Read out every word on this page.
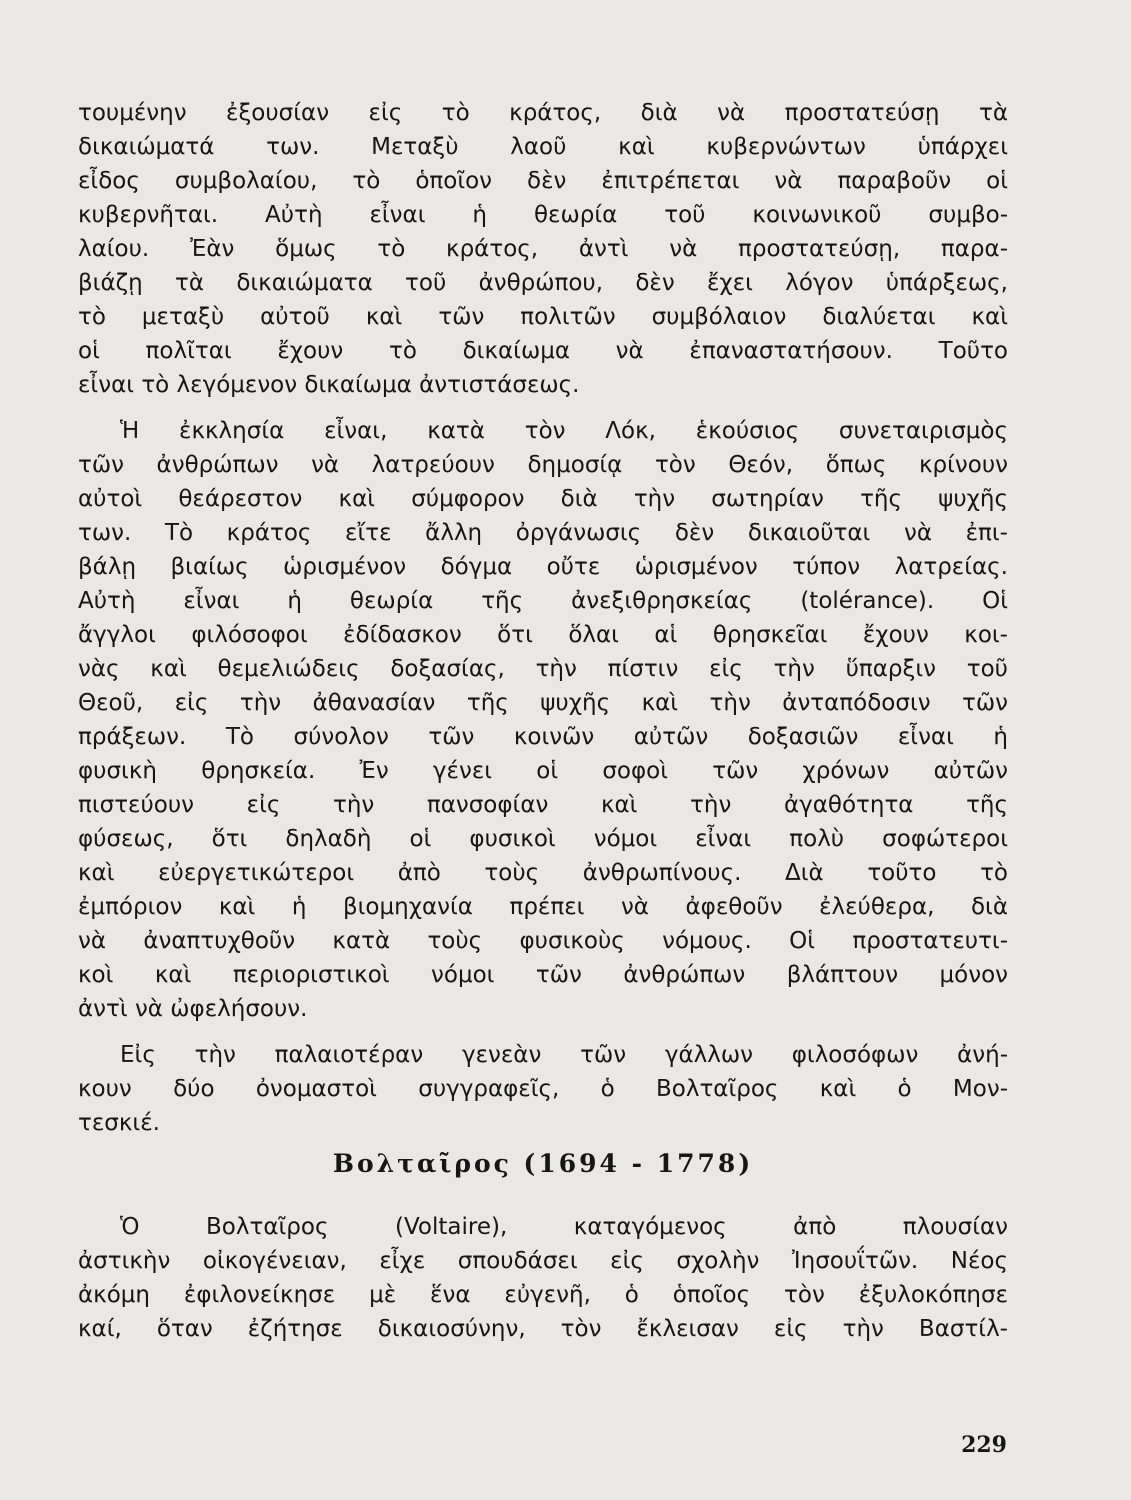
τουμένην ἐξουσίαν εἰς τὸ κράτος, διὰ νὰ προστατεύσῃ τὰ
δικαιώματά των. Μεταξὺ λαοῦ καὶ κυβερνώντων ὑπάρχει
εἶδος συμβολαίου, τὸ ὁποῖον δὲν ἐπιτρέπεται νὰ παραβοῦν οἱ
κυβερνῆται. Αὐτὴ εἶναι ἡ θεωρία τοῦ κοινωνικοῦ συμβο-
λαίου. Ἐὰν ὅμως τὸ κράτος, ἀντὶ νὰ προστατεύσῃ, παρα-
βιάζῃ τὰ δικαιώματα τοῦ ἀνθρώπου, δὲν ἔχει λόγον ὑπάρξεως,
τὸ μεταξὺ αὐτοῦ καὶ τῶν πολιτῶν συμβόλαιον διαλύεται καὶ
οἱ πολῖται ἔχουν τὸ δικαίωμα νὰ ἐπαναστατήσουν. Τοῦτο
εἶναι τὸ λεγόμενον δικαίωμα ἀντιστάσεως.
Ἡ ἐκκλησία εἶναι, κατὰ τὸν Λόκ, ἑκούσιος συνεταιρισμὸς
τῶν ἀνθρώπων νὰ λατρεύουν δημοσίᾳ τὸν Θεόν, ὅπως κρίνουν
αὐτοὶ θεάρεστον καὶ σύμφορον διὰ τὴν σωτηρίαν τῆς ψυχῆς
των. Τὸ κράτος εἴτε ἄλλη ὀργάνωσις δὲν δικαιοῦται νὰ ἐπι-
βάλῃ βιαίως ὡρισμένον δόγμα οὔτε ὡρισμένον τύπον λατρείας.
Αὐτὴ εἶναι ἡ θεωρία τῆς ἀνεξιθρησκείας (tolérance). Οἱ
ἄγγλοι φιλόσοφοι ἐδίδασκον ὅτι ὅλαι αἱ θρησκεῖαι ἔχουν κοι-
νὰς καὶ θεμελιώδεις δοξασίας, τὴν πίστιν εἰς τὴν ὕπαρξιν τοῦ
Θεοῦ, εἰς τὴν ἀθανασίαν τῆς ψυχῆς καὶ τὴν ἀνταπόδοσιν τῶν
πράξεων. Τὸ σύνολον τῶν κοινῶν αὐτῶν δοξασιῶν εἶναι ἡ
φυσικὴ θρησκεία. Ἐν γένει οἱ σοφοὶ τῶν χρόνων αὐτῶν
πιστεύουν εἰς τὴν πανσοφίαν καὶ τὴν ἀγαθότητα τῆς
φύσεως, ὅτι δηλαδὴ οἱ φυσικοὶ νόμοι εἶναι πολὺ σοφώτεροι
καὶ εὐεργετικώτεροι ἀπὸ τοὺς ἀνθρωπίνους. Διὰ τοῦτο τὸ
ἐμπόριον καὶ ἡ βιομηχανία πρέπει νὰ ἀφεθοῦν ἐλεύθερα, διὰ
νὰ ἀναπτυχθοῦν κατὰ τοὺς φυσικοὺς νόμους. Οἱ προστατευτι-
κοὶ καὶ περιοριστικοὶ νόμοι τῶν ἀνθρώπων βλάπτουν μόνον
ἀντὶ νὰ ὠφελήσουν.
Εἰς τὴν παλαιοτέραν γενεὰν τῶν γάλλων φιλοσόφων ἀνή-
κουν δύο ὀνομαστοὶ συγγραφεῖς, ὁ Βολταῖρος καὶ ὁ Μον-
τεσκιέ.
Βολταῖρος (1694 - 1778)
Ὁ Βολταῖρος (Voltaire), καταγόμενος ἀπὸ πλουσίαν
ἀστικὴν οἰκογένειαν, εἶχε σπουδάσει εἰς σχολὴν Ἰησουΐτῶν. Νέος
ἀκόμη ἐφιλονείκησε μὲ ἕνα εὐγενῆ, ὁ ὁποῖος τὸν ἐξυλοκόπησε
καί, ὅταν ἐζήτησε δικαιοσύνην, τὸν ἔκλεισαν εἰς τὴν Βαστίλ-
229
